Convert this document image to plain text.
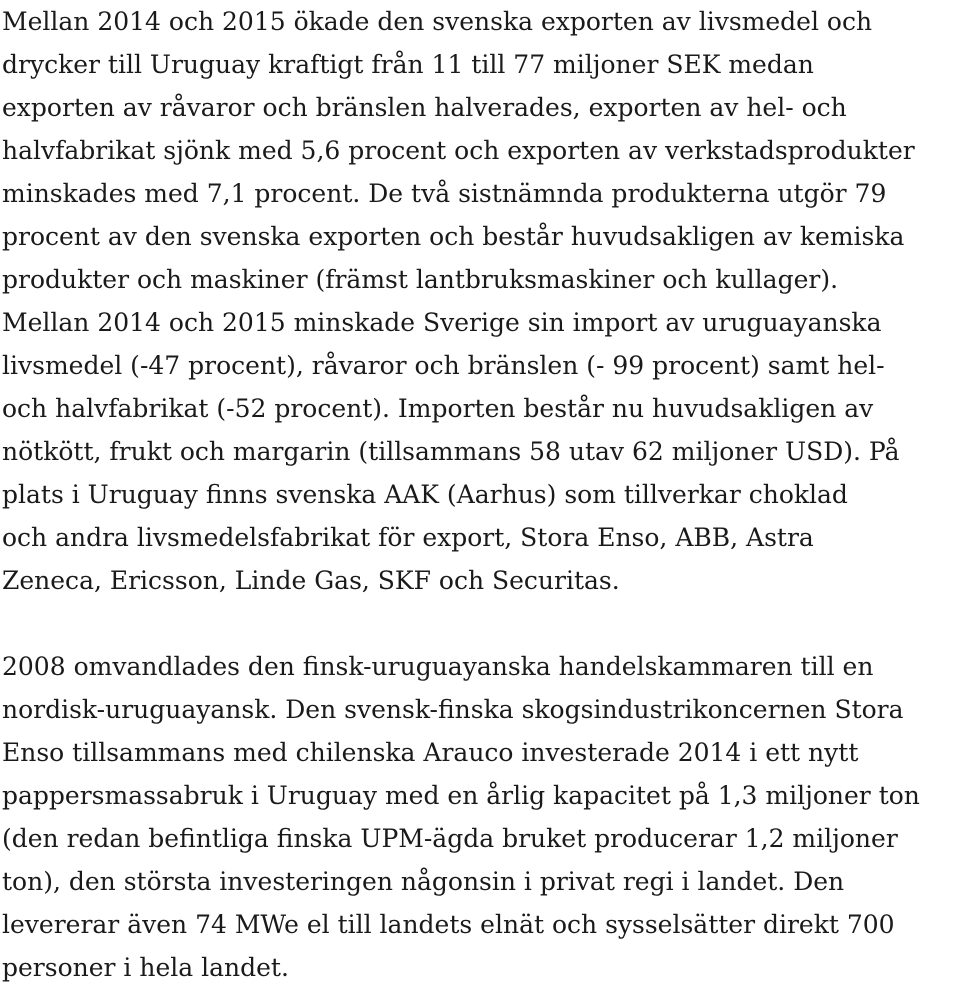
Mellan 2014 och 2015 ökade den svenska exporten av livsmedel och
drycker till Uruguay kraftigt från 11 till 77 miljoner SEK medan
exporten av råvaror och bränslen halverades, exporten av hel- och
halvfabrikat sjönk med 5,6 procent och exporten av verkstadsprodukter
minskades med 7,1 procent. De två sistnämnda produkterna utgör 79
procent av den svenska exporten och består huvudsakligen av kemiska
produkter och maskiner (främst lantbruksmaskiner och kullager).
Mellan 2014 och 2015 minskade Sverige sin import av uruguayanska
livsmedel (-47 procent), råvaror och bränslen (- 99 procent) samt hel-
och halvfabrikat (-52 procent). Importen består nu huvudsakligen av
nötkött, frukt och margarin (tillsammans 58 utav 62 miljoner USD). På
plats i Uruguay finns svenska AAK (Aarhus) som tillverkar choklad
och andra livsmedelsfabrikat för export, Stora Enso, ABB, Astra
Zeneca, Ericsson, Linde Gas, SKF och Securitas.
2008 omvandlades den finsk-uruguayanska handelskammaren till en
nordisk-uruguayansk. Den svensk-finska skogsindustrikoncernen Stora
Enso tillsammans med chilenska Arauco investerade 2014 i ett nytt
pappersmassabruk i Uruguay med en årlig kapacitet på 1,3 miljoner ton
(den redan befintliga finska UPM-ägda bruket producerar 1,2 miljoner
ton), den största investeringen någonsin i privat regi i landet. Den
levererar även 74 MWe el till landets elnät och sysselsätter direkt 700
personer i hela landet.
